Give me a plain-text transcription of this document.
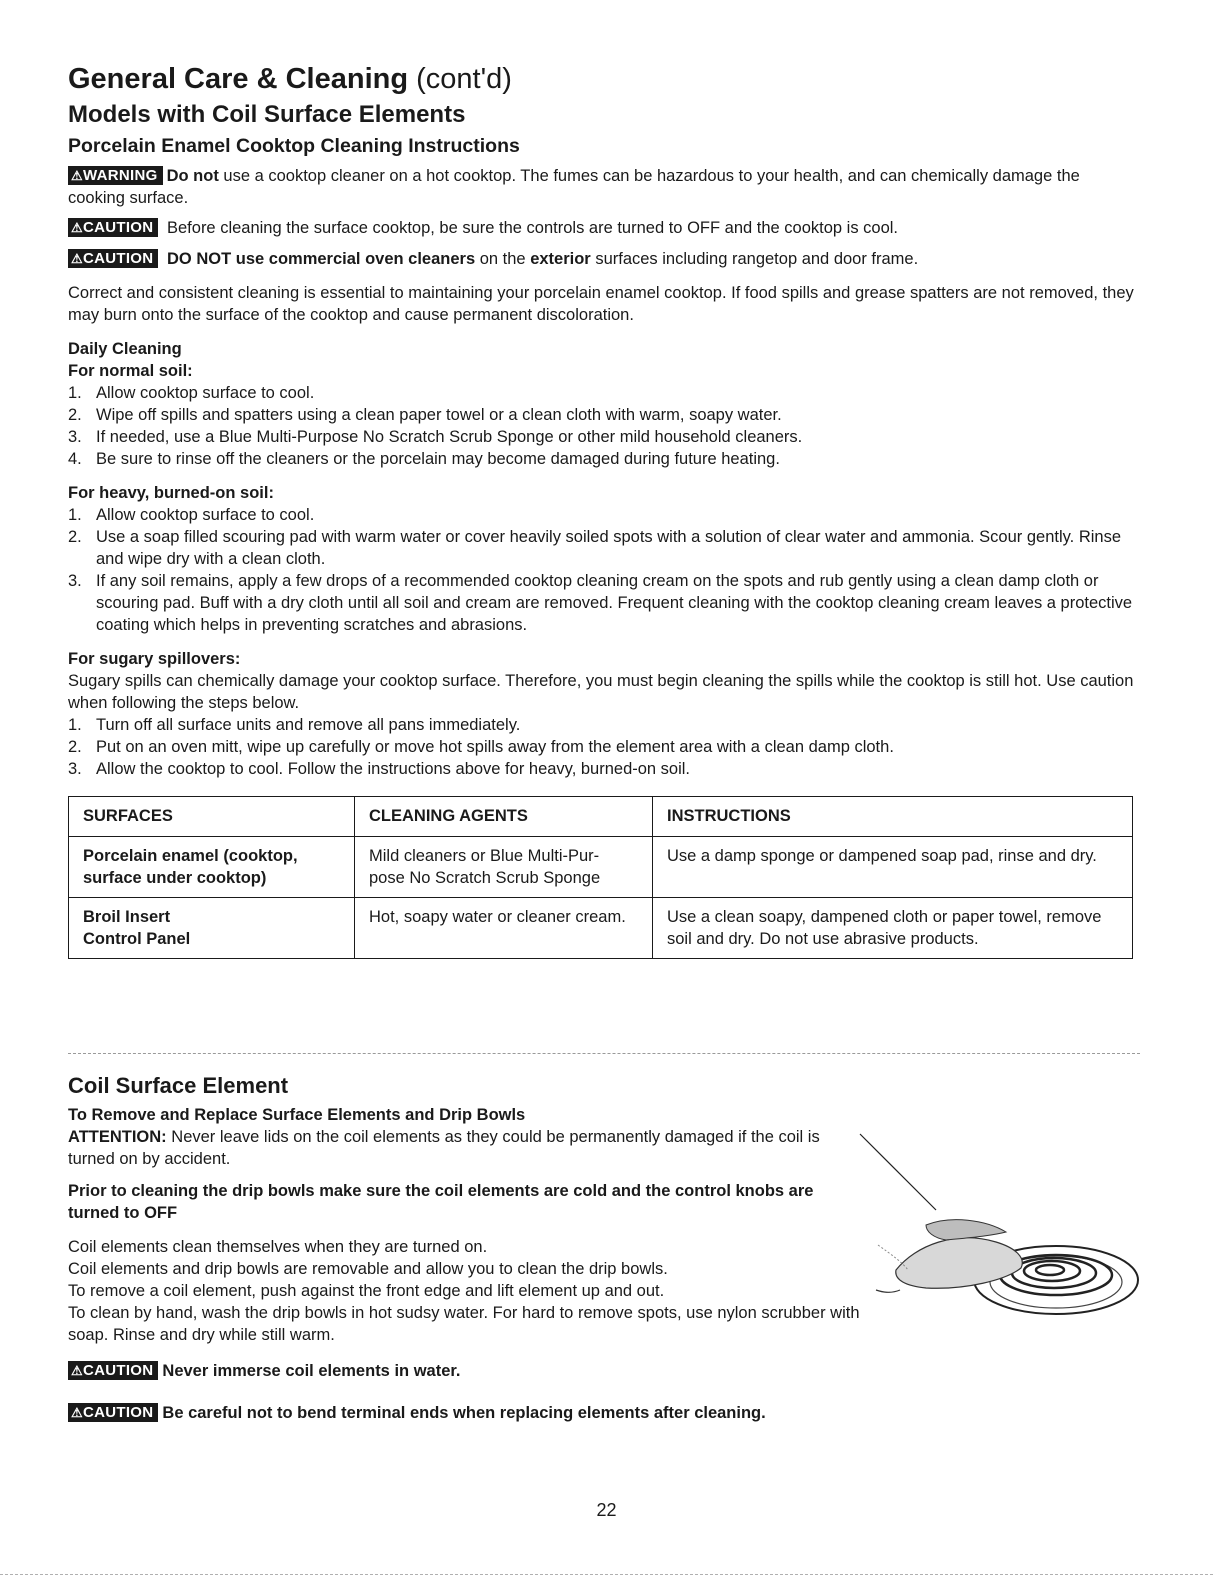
General Care & Cleaning (cont'd)
Models with Coil Surface Elements
Porcelain Enamel Cooktop Cleaning Instructions

⚠WARNING Do not use a cooktop cleaner on a hot cooktop. The fumes can be hazardous to your health, and can chemically damage the cooking surface.

⚠CAUTION Before cleaning the surface cooktop, be sure the controls are turned to OFF and the cooktop is cool.

⚠CAUTION DO NOT use commercial oven cleaners on the exterior surfaces including rangetop and door frame.

Correct and consistent cleaning is essential to maintaining your porcelain enamel cooktop. If food spills and grease spatters are not removed, they may burn onto the surface of the cooktop and cause permanent discoloration.

Daily Cleaning
For normal soil:
1. Allow cooktop surface to cool.
2. Wipe off spills and spatters using a clean paper towel or a clean cloth with warm, soapy water.
3. If needed, use a Blue Multi-Purpose No Scratch Scrub Sponge or other mild household cleaners.
4. Be sure to rinse off the cleaners or the porcelain may become damaged during future heating.
For heavy, burned-on soil:
1. Allow cooktop surface to cool.
2. Use a soap filled scouring pad with warm water or cover heavily soiled spots with a solution of clear water and ammonia. Scour gently. Rinse and wipe dry with a clean cloth.
3. If any soil remains, apply a few drops of a recommended cooktop cleaning cream on the spots and rub gently using a clean damp cloth or scouring pad. Buff with a dry cloth until all soil and cream are removed. Frequent cleaning with the cooktop cleaning cream leaves a protective coating which helps in preventing scratches and abrasions.
For sugary spillovers:

Sugary spills can chemically damage your cooktop surface. Therefore, you must begin cleaning the spills while the cooktop is still hot. Use caution when following the steps below.

1. Turn off all surface units and remove all pans immediately.
2. Put on an oven mitt, wipe up carefully or move hot spills away from the element area with a clean damp cloth.
3. Allow the cooktop to cool. Follow the instructions above for heavy, burned-on soil.
SURFACES	CLEANING AGENTS	INSTRUCTIONS
Porcelain enamel (cooktop, surface under cooktop)	Mild cleaners or Blue Multi-Pur- pose No Scratch Scrub Sponge	Use a damp sponge or dampened soap pad, rinse and dry.

Broil Insert
Control Panel	Hot, soapy water or cleaner cream.	Use a clean soapy, dampened cloth or paper towel, remove soil and dry. Do not use abrasive products.
Coil Surface Element
To Remove and Replace Surface Elements and Drip Bowls

ATTENTION: Never leave lids on the coil elements as they could be permanently damaged if the coil is turned on by accident.

Prior to cleaning the drip bowls make sure the coil elements are cold and the control knobs are turned to OFF

Coil elements clean themselves when they are turned on.

Coil elements and drip bowls are removable and allow you to clean the drip bowls.

To remove a coil element, push against the front edge and lift element up and out.

To clean by hand, wash the drip bowls in hot sudsy water. For hard to remove spots, use nylon scrubber with soap. Rinse and dry while still warm.

⚠CAUTION Never immerse coil elements in water.

⚠CAUTION Be careful not to bend terminal ends when replacing elements after cleaning.

22
